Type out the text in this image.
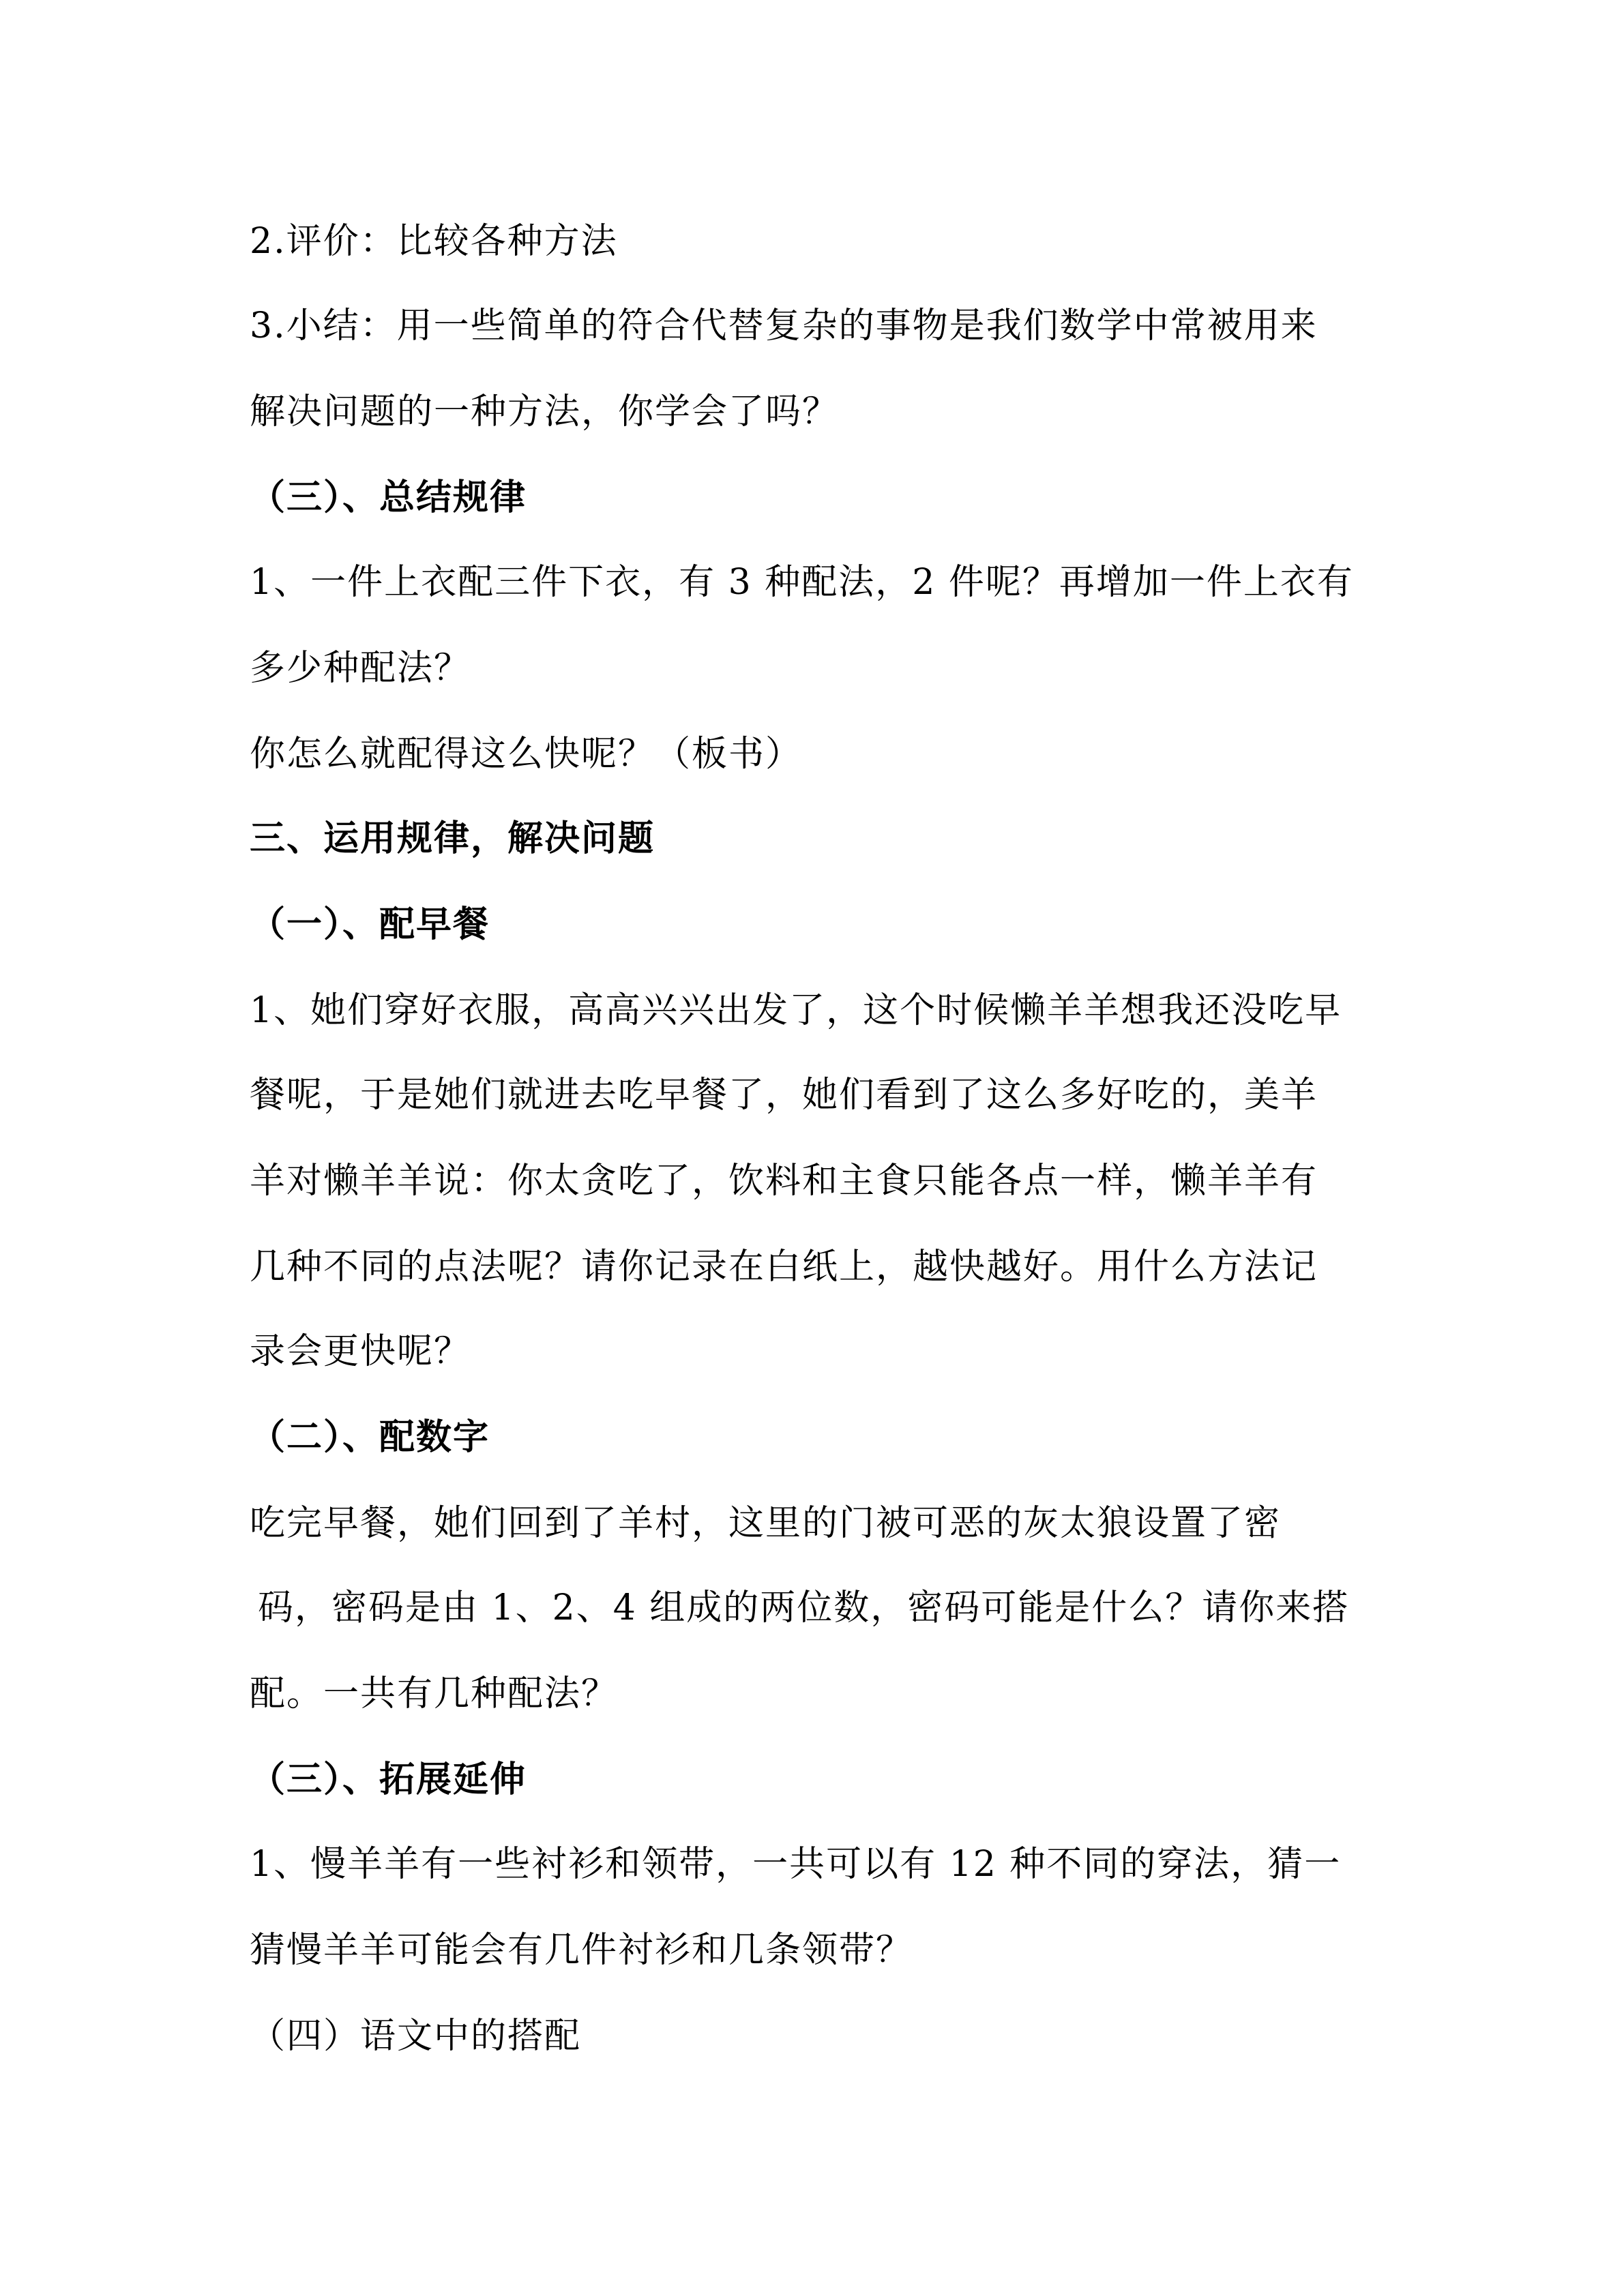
2.评价：比较各种方法

3.小结：用一些简单的符合代替复杂的事物是我们数学中常被用来

解决问题的一种方法，你学会了吗？

（三）、总结规律

1、一件上衣配三件下衣，有 3 种配法，2 件呢？再增加一件上衣有

多少种配法？

你怎么就配得这么快呢？（板书）

三、运用规律，解决问题

（一）、配早餐

1、她们穿好衣服，高高兴兴出发了，这个时候懒羊羊想我还没吃早

餐呢，于是她们就进去吃早餐了，她们看到了这么多好吃的，美羊

羊对懒羊羊说：你太贪吃了，饮料和主食只能各点一样，懒羊羊有

几种不同的点法呢？请你记录在白纸上，越快越好。用什么方法记

录会更快呢？

（二）、配数字

吃完早餐，她们回到了羊村，这里的门被可恶的灰太狼设置了密

码，密码是由 1、2、4 组成的两位数，密码可能是什么？请你来搭

配。一共有几种配法？

（三）、拓展延伸

1、慢羊羊有一些衬衫和领带，一共可以有 12 种不同的穿法，猜一

猜慢羊羊可能会有几件衬衫和几条领带？

（四）语文中的搭配
